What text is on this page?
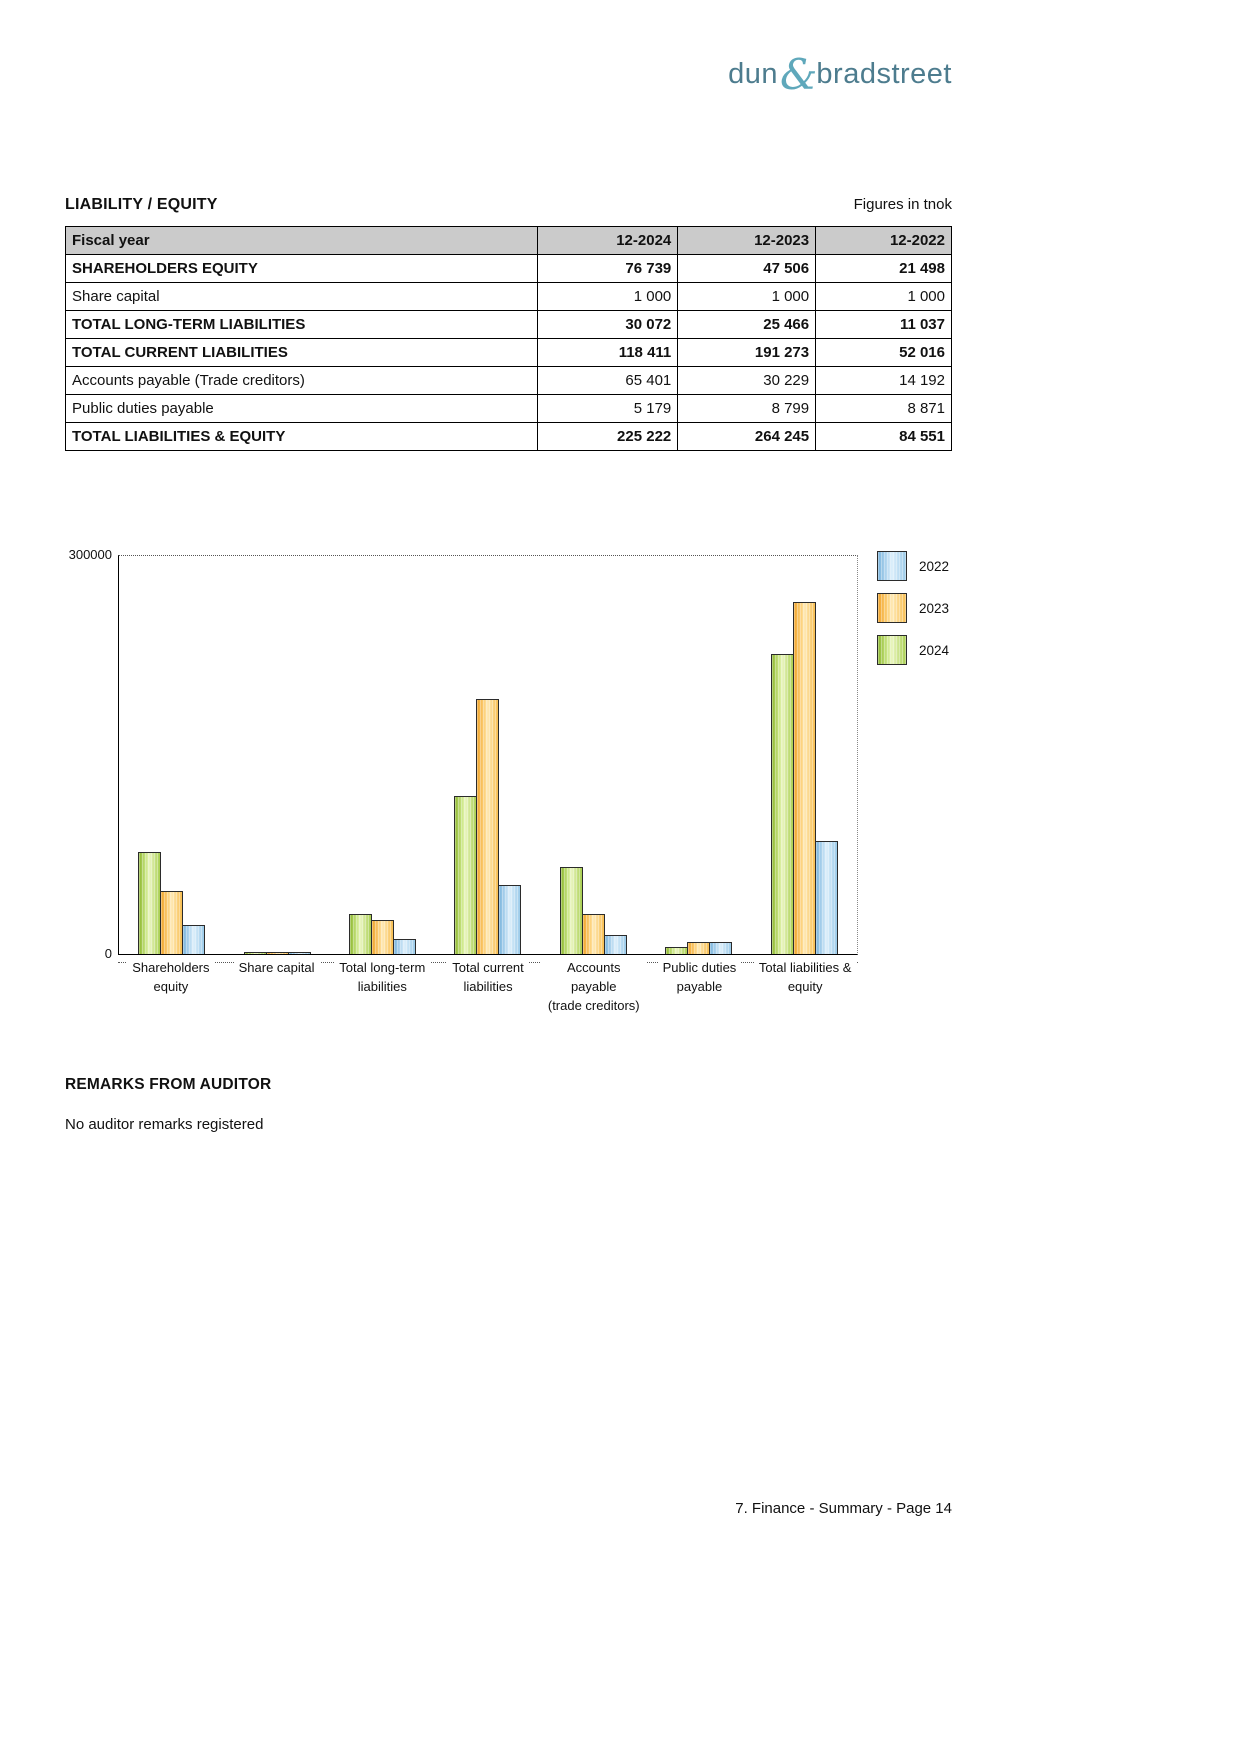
dun&bradstreet
LIABILITY / EQUITY	Figures in tnok
Fiscal year	12-2024	12-2023	12-2022
SHAREHOLDERS EQUITY	76 739	47 506	21 498
Share capital	1 000	1 000	1 000
TOTAL LONG-TERM LIABILITIES	30 072	25 466	11 037
TOTAL CURRENT LIABILITIES	118 411	191 273	52 016
Accounts payable (Trade creditors)	65 401	30 229	14 192
Public duties payable	5 179	8 799	8 871
TOTAL LIABILITIES & EQUITY	225 222	264 245	84 551
300000
0
Shareholders
equity
Share capital Total long-term
liabilities
Total current
liabilities
Accounts payable
(trade creditors)
Public duties
payable
Total liabilities &
equity
2022
2023
2024
REMARKS FROM AUDITOR
No auditor remarks registered
7. Finance - Summary - Page 14
